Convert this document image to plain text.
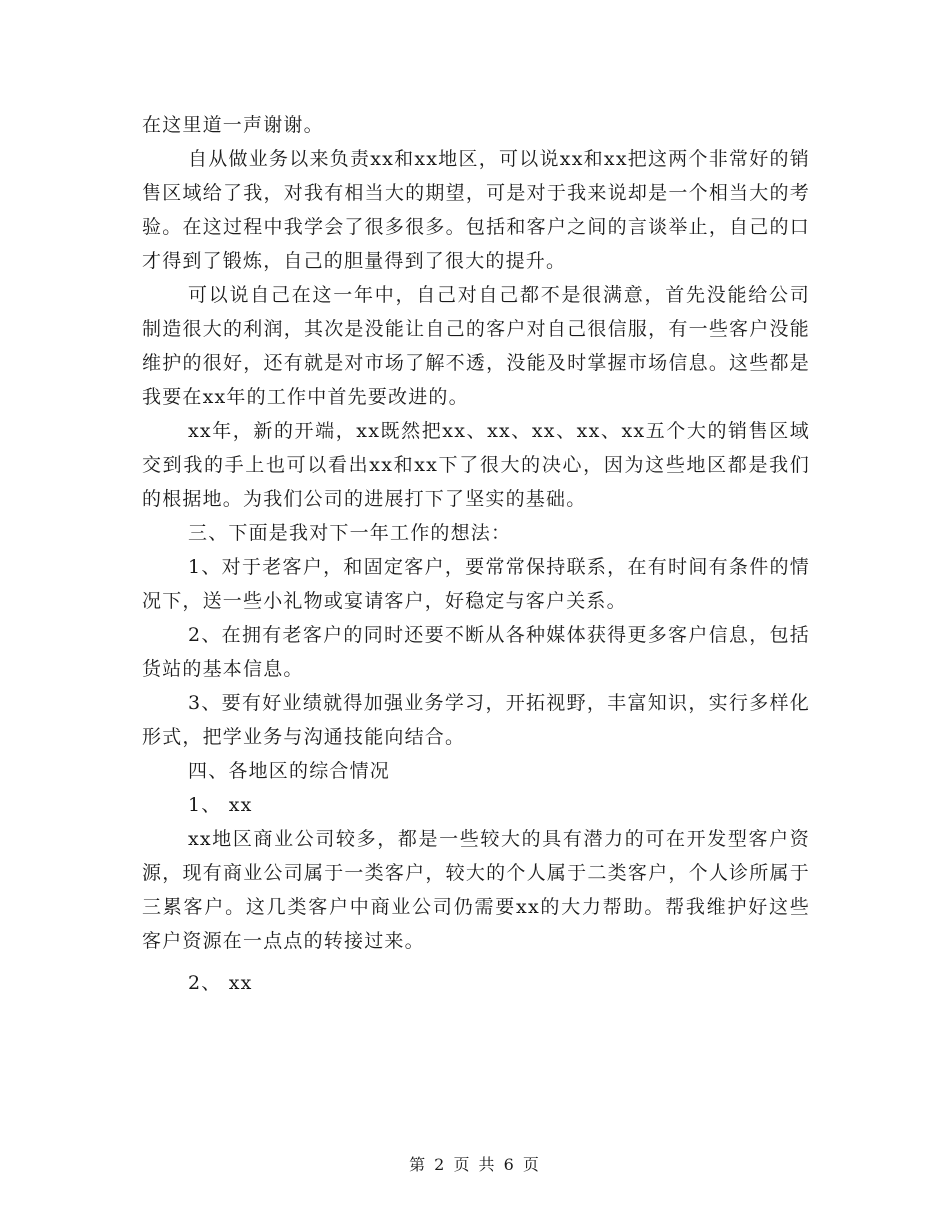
在这里道一声谢谢。

自从做业务以来负责xx和xx地区，可以说xx和xx把这两个非常好的销售区域给了我，对我有相当大的期望，可是对于我来说却是一个相当大的考验。在这过程中我学会了很多很多。包括和客户之间的言谈举止，自己的口才得到了锻炼，自己的胆量得到了很大的提升。

可以说自己在这一年中，自己对自己都不是很满意，首先没能给公司制造很大的利润，其次是没能让自己的客户对自己很信服，有一些客户没能维护的很好，还有就是对市场了解不透，没能及时掌握市场信息。这些都是我要在xx年的工作中首先要改进的。

xx年，新的开端，xx既然把xx、xx、xx、xx、xx五个大的销售区域交到我的手上也可以看出xx和xx下了很大的决心，因为这些地区都是我们的根据地。为我们公司的进展打下了坚实的基础。

三、下面是我对下一年工作的想法：

1、对于老客户，和固定客户，要常常保持联系，在有时间有条件的情况下，送一些小礼物或宴请客户，好稳定与客户关系。

2、在拥有老客户的同时还要不断从各种媒体获得更多客户信息，包括货站的基本信息。

3、要有好业绩就得加强业务学习，开拓视野，丰富知识，实行多样化形式，把学业务与沟通技能向结合。

四、各地区的综合情况

1、 xx

xx地区商业公司较多，都是一些较大的具有潜力的可在开发型客户资源，现有商业公司属于一类客户，较大的个人属于二类客户，个人诊所属于三累客户。这几类客户中商业公司仍需要xx的大力帮助。帮我维护好这些客户资源在一点点的转接过来。

2、 xx

第 2 页 共 6 页
